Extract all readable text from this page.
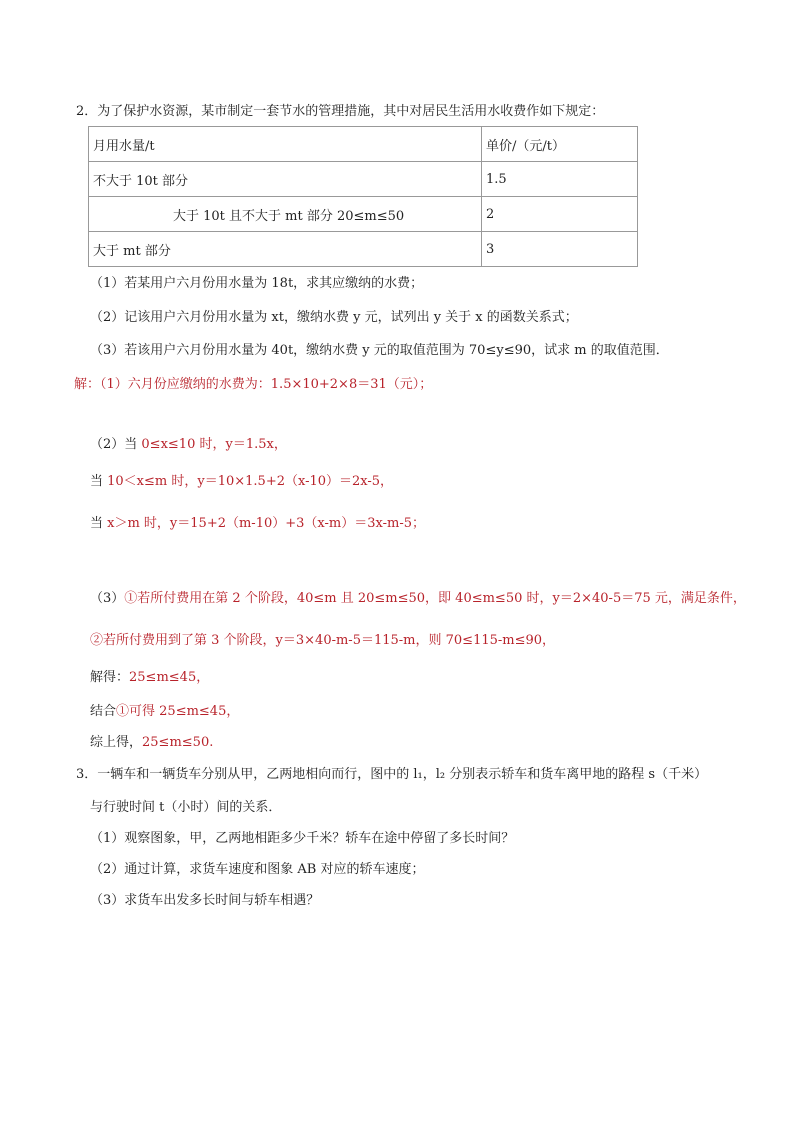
2．为了保护水资源，某市制定一套节水的管理措施，其中对居民生活用水收费作如下规定：
月用水量/t	单价/（元/t）
不大于 10t 部分	1.5
大于 10t 且不大于 mt 部分 20≤m≤50	2
大于 mt 部分	3
（1）若某用户六月份用水量为 18t，求其应缴纳的水费；
（2）记该用户六月份用水量为 xt，缴纳水费 y 元，试列出 y 关于 x 的函数关系式；
（3）若该用户六月份用水量为 40t，缴纳水费 y 元的取值范围为 70≤y≤90，试求 m 的取值范围．
解：（1）六月份应缴纳的水费为：1.5×10+2×8＝31（元）；
（2）当 0≤x≤10 时，y＝1.5x，
当 10＜x≤m 时，y＝10×1.5+2（x-10）＝2x-5，
当 x＞m 时，y＝15+2（m-10）+3（x-m）＝3x-m-5；
（3）①若所付费用在第 2 个阶段，40≤m 且 20≤m≤50，即 40≤m≤50 时，y＝2×40-5＝75 元，满足条件，
②若所付费用到了第 3 个阶段，y＝3×40-m-5＝115-m，则 70≤115-m≤90，
解得：25≤m≤45，
结合①可得 25≤m≤45，
综上得，25≤m≤50.
3．一辆车和一辆货车分别从甲，乙两地相向而行，图中的 l₁，l₂ 分别表示轿车和货车离甲地的路程 s（千米）
与行驶时间 t（小时）间的关系．
（1）观察图象，甲，乙两地相距多少千米？轿车在途中停留了多长时间？
（2）通过计算，求货车速度和图象 AB 对应的轿车速度；
（3）求货车出发多长时间与轿车相遇？
